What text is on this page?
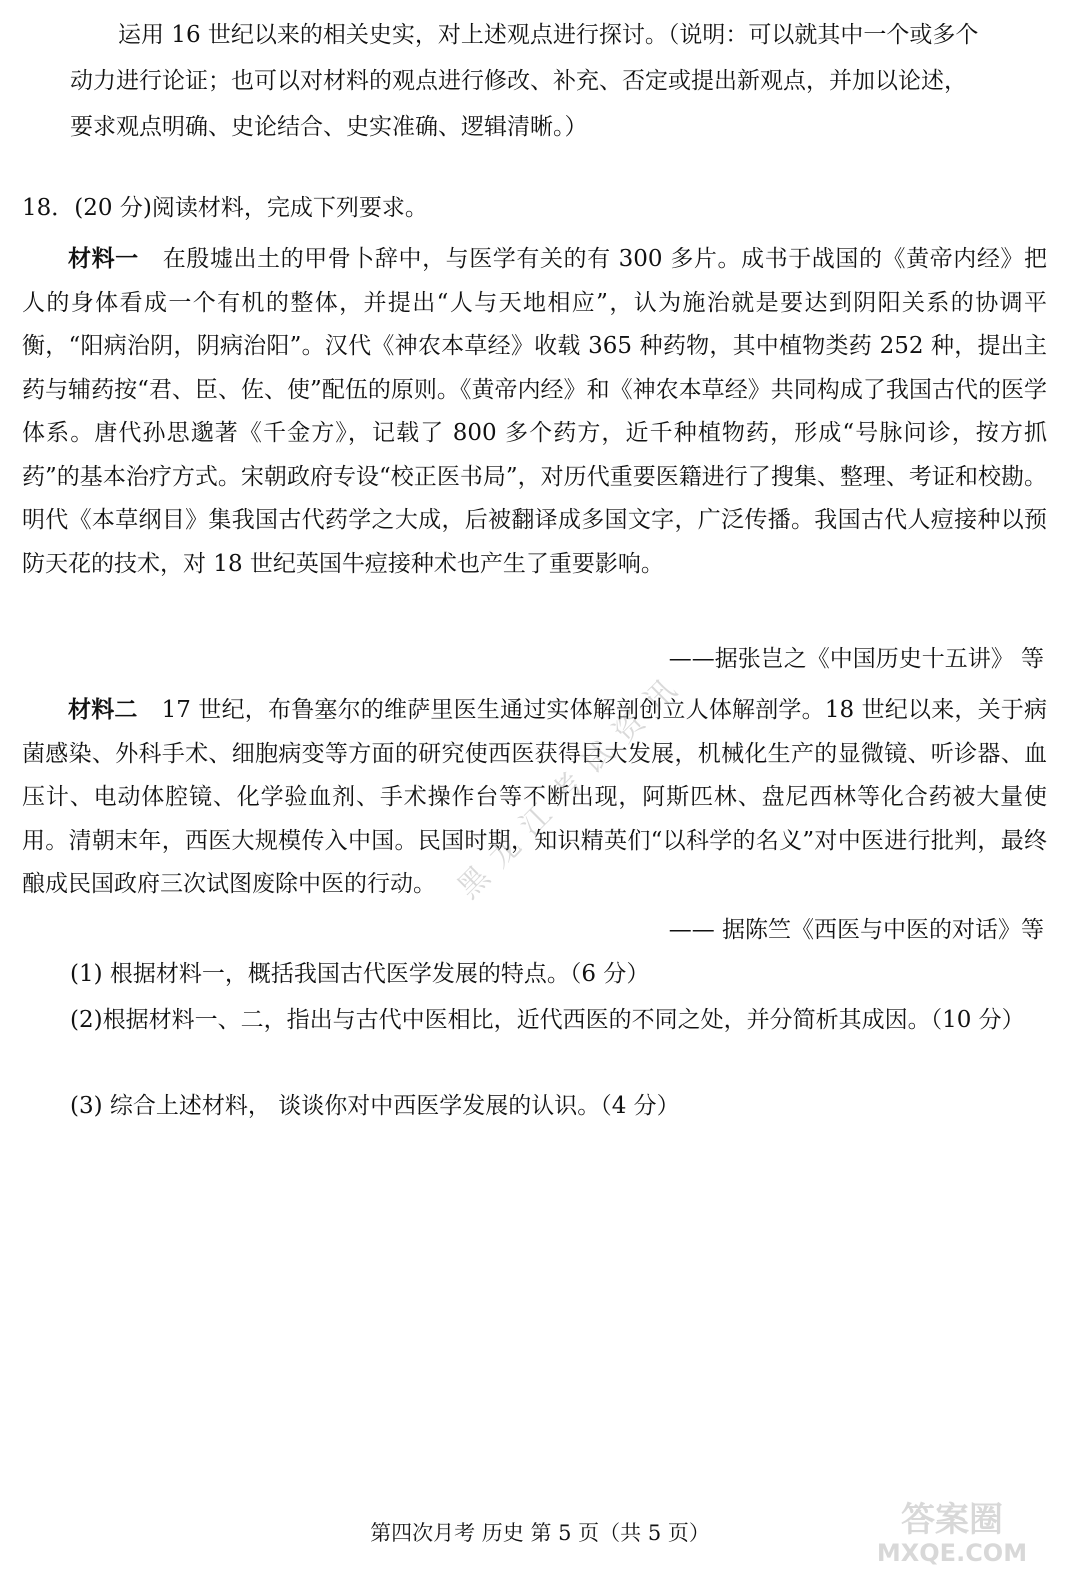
运用 16 世纪以来的相关史实，对上述观点进行探讨。（说明：可以就其中一个或多个
动力进行论证；也可以对材料的观点进行修改、补充、否定或提出新观点，并加以论述，
要求观点明确、史论结合、史实准确、逻辑清晰。）
18．(20 分)阅读材料，完成下列要求。

材料一 在殷墟出土的甲骨卜辞中，与医学有关的有 300 多片。成书于战国的《黄帝内经》把人的身体看成一个有机的整体，并提出“人与天地相应”，认为施治就是要达到阴阳关系的协调平衡，“阳病治阴，阴病治阳”。汉代《神农本草经》收载 365 种药物，其中植物类药 252 种，提出主药与辅药按“君、臣、佐、使”配伍的原则。《黄帝内经》和《神农本草经》共同构成了我国古代的医学体系。唐代孙思邈著《千金方》，记载了 800 多个药方，近千种植物药，形成“号脉问诊，按方抓药”的基本治疗方式。宋朝政府专设“校正医书局”，对历代重要医籍进行了搜集、整理、考证和校勘。明代《本草纲目》集我国古代药学之大成，后被翻译成多国文字，广泛传播。我国古代人痘接种以预防天花的技术，对 18 世纪英国牛痘接种术也产生了重要影响。

——据张岂之《中国历史十五讲》 等

材料二 17 世纪，布鲁塞尔的维萨里医生通过实体解剖创立人体解剖学。18 世纪以来，关于病菌感染、外科手术、细胞病变等方面的研究使西医获得巨大发展，机械化生产的显微镜、听诊器、血压计、电动体腔镜、化学验血剂、手术操作台等不断出现，阿斯匹林、盘尼西林等化合药被大量使用。清朝末年，西医大规模传入中国。民国时期，知识精英们“以科学的名义”对中医进行批判，最终酿成民国政府三次试图废除中医的行动。

—— 据陈竺《西医与中医的对话》等

(1) 根据材料一，概括我国古代医学发展的特点。（6 分）

(2)根据材料一、二，指出与古代中医相比，近代西医的不同之处，并分简析其成因。（10 分）

(3) 综合上述材料， 谈谈你对中西医学发展的认识。（4 分）

黑龙江考试资讯
答案圈
MXQE.COM
第四次月考 历史 第 5 页（共 5 页）
